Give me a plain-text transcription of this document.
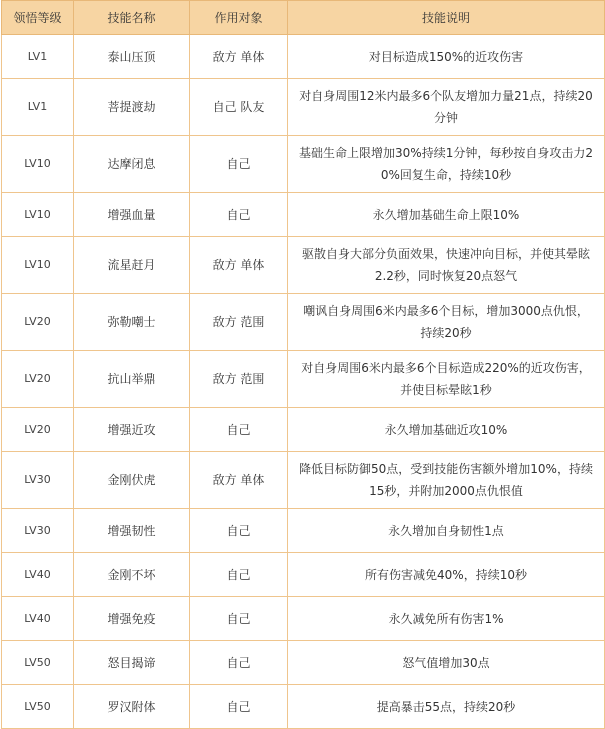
领悟等级	技能名称	作用对象	技能说明
LV1	泰山压顶	敌方 单体	对目标造成150%的近攻伤害
LV1	菩提渡劫	自己 队友	对自身周围12米内最多6个队友增加力量21点，持续20分钟
LV10	达摩闭息	自己	基础生命上限增加30%持续1分钟，每秒按自身攻击力20%回复生命，持续10秒
LV10	增强血量	自己	永久增加基础生命上限10%
LV10	流星赶月	敌方 单体	驱散自身大部分负面效果，快速冲向目标，并使其晕眩2.2秒，同时恢复20点怒气
LV20	弥勒嘲士	敌方 范围	嘲讽自身周围6米内最多6个目标，增加3000点仇恨，持续20秒
LV20	抗山举鼎	敌方 范围	对自身周围6米内最多6个目标造成220%的近攻伤害，并使目标晕眩1秒
LV20	增强近攻	自己	永久增加基础近攻10%
LV30	金刚伏虎	敌方 单体	降低目标防御50点，受到技能伤害额外增加10%，持续15秒，并附加2000点仇恨值
LV30	增强韧性	自己	永久增加自身韧性1点
LV40	金刚不坏	自己	所有伤害减免40%，持续10秒
LV40	增强免疫	自己	永久减免所有伤害1%
LV50	怒目揭谛	自己	怒气值增加30点
LV50	罗汉附体	自己	提高暴击55点，持续20秒
